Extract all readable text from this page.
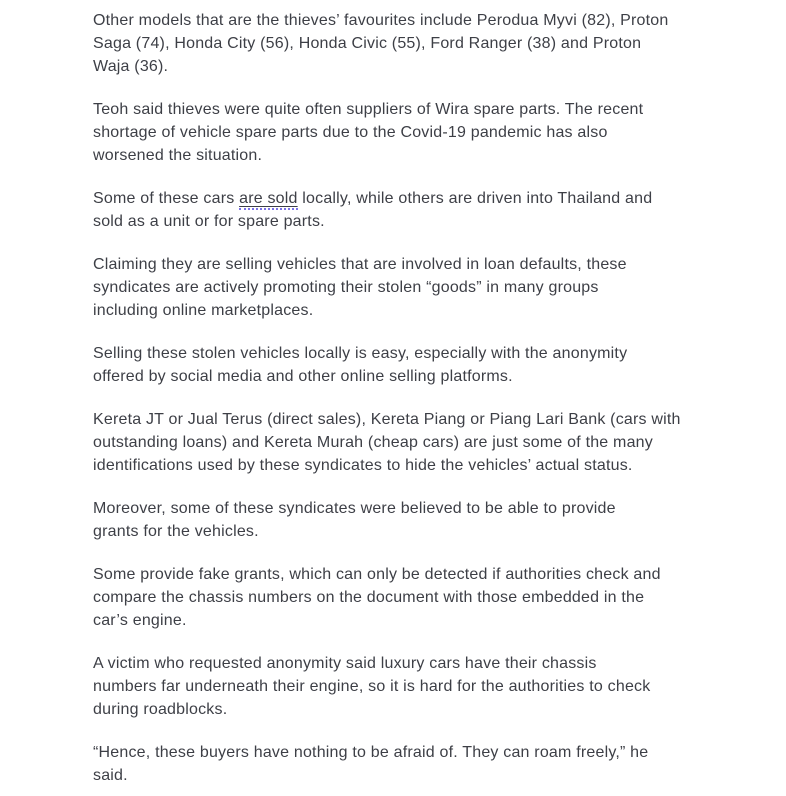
Other models that are the thieves’ favourites include Perodua Myvi (82), Proton
Saga (74), Honda City (56), Honda Civic (55), Ford Ranger (38) and Proton
Waja (36).
Teoh said thieves were quite often suppliers of Wira spare parts. The recent
shortage of vehicle spare parts due to the Covid-19 pandemic has also
worsened the situation.
Some of these cars are sold locally, while others are driven into Thailand and
sold as a unit or for spare parts.
Claiming they are selling vehicles that are involved in loan defaults, these
syndicates are actively promoting their stolen “goods” in many groups
including online marketplaces.
Selling these stolen vehicles locally is easy, especially with the anonymity
offered by social media and other online selling platforms.
Kereta JT or Jual Terus (direct sales), Kereta Piang or Piang Lari Bank (cars with
outstanding loans) and Kereta Murah (cheap cars) are just some of the many
identifications used by these syndicates to hide the vehicles’ actual status.
Moreover, some of these syndicates were believed to be able to provide
grants for the vehicles.
Some provide fake grants, which can only be detected if authorities check and
compare the chassis numbers on the document with those embedded in the
car’s engine.
A victim who requested anonymity said luxury cars have their chassis
numbers far underneath their engine, so it is hard for the authorities to check
during roadblocks.
“Hence, these buyers have nothing to be afraid of. They can roam freely,” he
said.
